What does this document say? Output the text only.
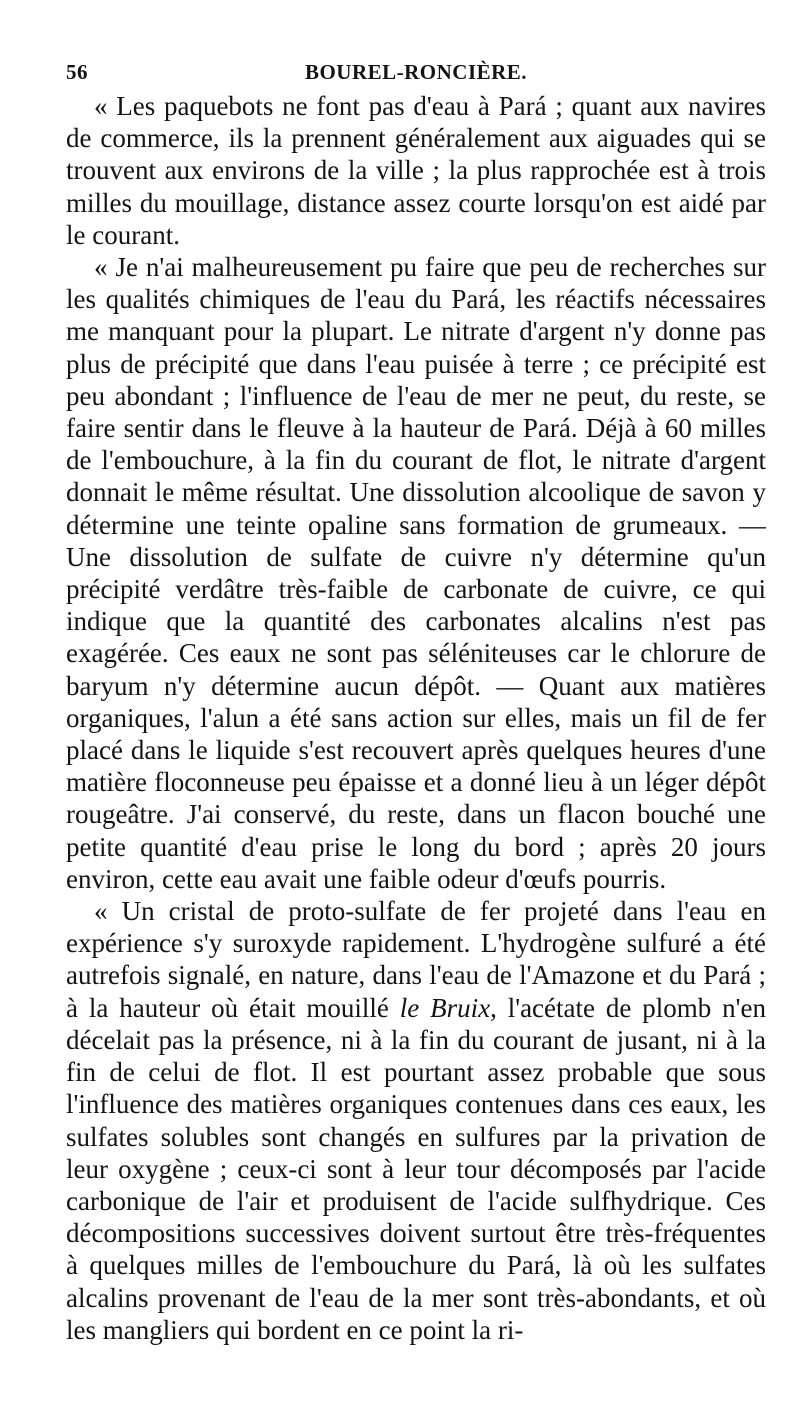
56	BOUREL-RONCIÈRE.

« Les paquebots ne font pas d'eau à Pará ; quant aux navires de commerce, ils la prennent généralement aux aiguades qui se trouvent aux environs de la ville ; la plus rapprochée est à trois milles du mouillage, distance assez courte lorsqu'on est aidé par le courant.

« Je n'ai malheureusement pu faire que peu de recherches sur les qualités chimiques de l'eau du Pará, les réactifs nécessaires me manquant pour la plupart. Le nitrate d'argent n'y donne pas plus de précipité que dans l'eau puisée à terre ; ce précipité est peu abondant ; l'influence de l'eau de mer ne peut, du reste, se faire sentir dans le fleuve à la hauteur de Pará. Déjà à 60 milles de l'embouchure, à la fin du courant de flot, le nitrate d'argent donnait le même résultat. Une dissolution alcoolique de savon y détermine une teinte opaline sans formation de grumeaux. — Une dissolution de sulfate de cuivre n'y détermine qu'un précipité verdâtre très-faible de carbonate de cuivre, ce qui indique que la quantité des carbonates alcalins n'est pas exagérée. Ces eaux ne sont pas séléniteuses car le chlorure de baryum n'y détermine aucun dépôt. — Quant aux matières organiques, l'alun a été sans action sur elles, mais un fil de fer placé dans le liquide s'est recouvert après quelques heures d'une matière floconneuse peu épaisse et a donné lieu à un léger dépôt rougeâtre. J'ai conservé, du reste, dans un flacon bouché une petite quantité d'eau prise le long du bord ; après 20 jours environ, cette eau avait une faible odeur d'œufs pourris.

« Un cristal de proto-sulfate de fer projeté dans l'eau en expérience s'y suroxyde rapidement. L'hydrogène sulfuré a été autrefois signalé, en nature, dans l'eau de l'Amazone et du Pará ; à la hauteur où était mouillé le Bruix, l'acétate de plomb n'en décelait pas la présence, ni à la fin du courant de jusant, ni à la fin de celui de flot. Il est pourtant assez probable que sous l'influence des matières organiques contenues dans ces eaux, les sulfates solubles sont changés en sulfures par la privation de leur oxygène ; ceux-ci sont à leur tour décomposés par l'acide carbonique de l'air et produisent de l'acide sulfhydrique. Ces décompositions successives doivent surtout être très-fréquentes à quelques milles de l'embouchure du Pará, là où les sulfates alcalins provenant de l'eau de la mer sont très-abondants, et où les mangliers qui bordent en ce point la ri-
